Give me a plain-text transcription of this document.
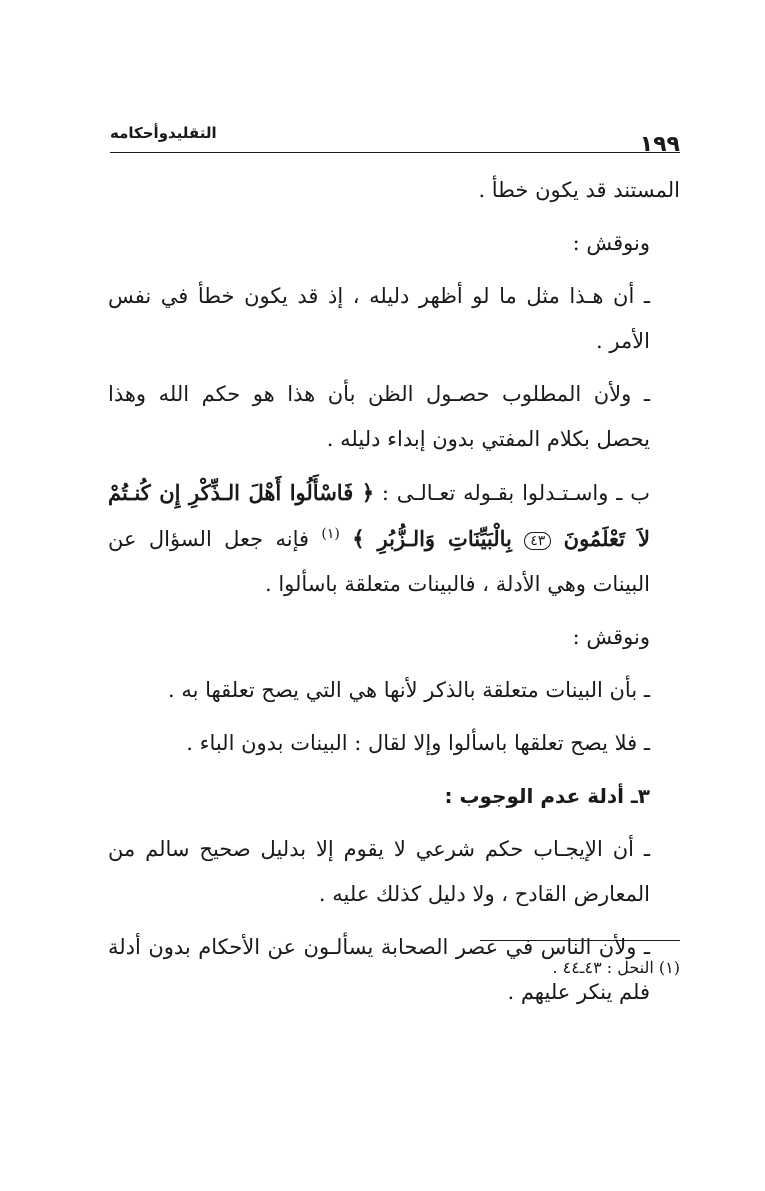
١٩٩
التقليدوأحكامه

المستند قد يكون خطأ .

ونوقش :

ـ أن هـذا مثل ما لو أظهر دليله ، إذ قد يكون خطأ في نفس الأمر .

ـ ولأن المطلوب حصـول الظن بأن هذا هو حكم الله وهذا يحصل بكلام المفتي بدون إبداء دليله .

ب ـ واسـتـدلوا بقـوله تعـالـى : ﴿ فَاسْأَلُوا أَهْلَ الـذِّكْرِ إِن كُنـتُمْ لاَ تَعْلَمُونَ ٤٣ بِالْبَيِّنَاتِ وَالـزُّبُرِ ﴾ $^{(١)}$ فإنه جعل السؤال عن البينات وهي الأدلة ، فالبينات متعلقة باسألوا .

ونوقش :

ـ بأن البينات متعلقة بالذكر لأنها هي التي يصح تعلقها به .

ـ فلا يصح تعلقها باسألوا وإلا لقال : البينات بدون الباء .

٣ـ أدلة عدم الوجوب :

ـ أن الإيجـاب حكم شرعي لا يقوم إلا بدليل صحيح سالم من المعارض القادح ، ولا دليل كذلك عليه .

ـ ولأن الناس في عصر الصحابة يسألـون عن الأحكام بدون أدلة فلم ينكر عليهم .

(١) النحل : ٤٣ـ٤٤ .
